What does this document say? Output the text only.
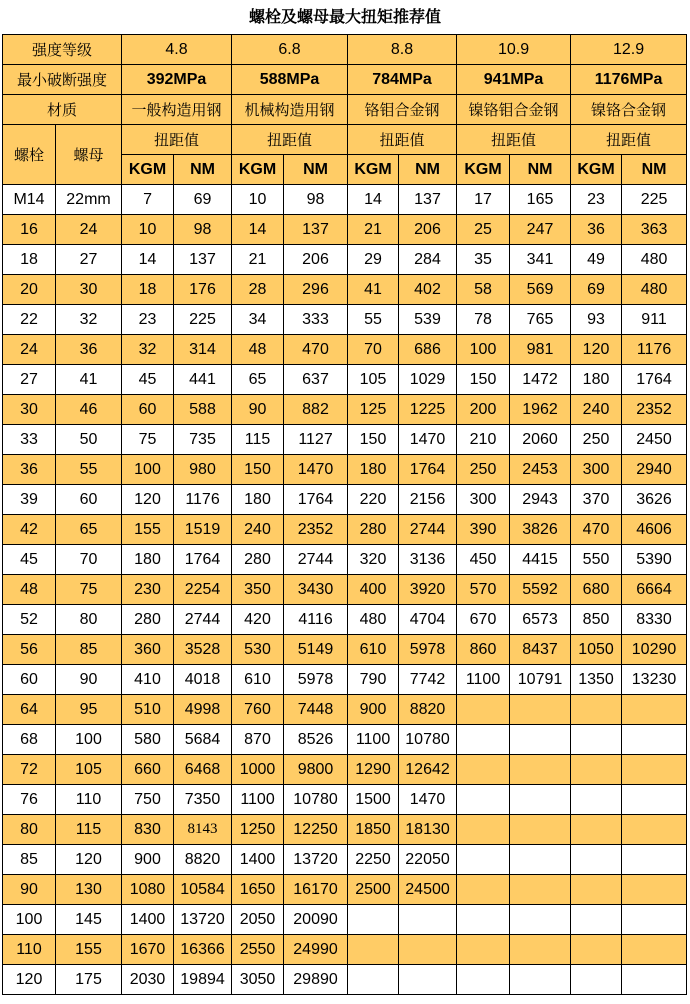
螺栓及螺母最大扭矩推荐值
强度等级		4.8		6.8		8.8		10.9		12.9	
最小破断强度		392MPa		588MPa		784MPa		941MPa		1176MPa	
材质		一般构造用钢		机械构造用钢		铬钼合金钢		镍铬钼合金钢		镍铬合金钢	
螺栓	螺母	扭距值		扭距值		扭距值		扭距值		扭距值	
		KGM	NM	KGM	NM	KGM	NM	KGM	NM	KGM	NM
M14	22mm	7	69	10	98	14	137	17	165	23	225
16	24	10	98	14	137	21	206	25	247	36	363
18	27	14	137	21	206	29	284	35	341	49	480
20	30	18	176	28	296	41	402	58	569	69	480
22	32	23	225	34	333	55	539	78	765	93	911
24	36	32	314	48	470	70	686	100	981	120	1176
27	41	45	441	65	637	105	1029	150	1472	180	1764
30	46	60	588	90	882	125	1225	200	1962	240	2352
33	50	75	735	115	1127	150	1470	210	2060	250	2450
36	55	100	980	150	1470	180	1764	250	2453	300	2940
39	60	120	1176	180	1764	220	2156	300	2943	370	3626
42	65	155	1519	240	2352	280	2744	390	3826	470	4606
45	70	180	1764	280	2744	320	3136	450	4415	550	5390
48	75	230	2254	350	3430	400	3920	570	5592	680	6664
52	80	280	2744	420	4116	480	4704	670	6573	850	8330
56	85	360	3528	530	5149	610	5978	860	8437	1050	10290
60	90	410	4018	610	5978	790	7742	1100	10791	1350	13230
64	95	510	4998	760	7448	900	8820				
68	100	580	5684	870	8526	1100	10780				
72	105	660	6468	1000	9800	1290	12642				
76	110	750	7350	1100	10780	1500	1470				
80	115	830	8143	1250	12250	1850	18130				
85	120	900	8820	1400	13720	2250	22050				
90	130	1080	10584	1650	16170	2500	24500				
100	145	1400	13720	2050	20090						
110	155	1670	16366	2550	24990						
120	175	2030	19894	3050	29890						
